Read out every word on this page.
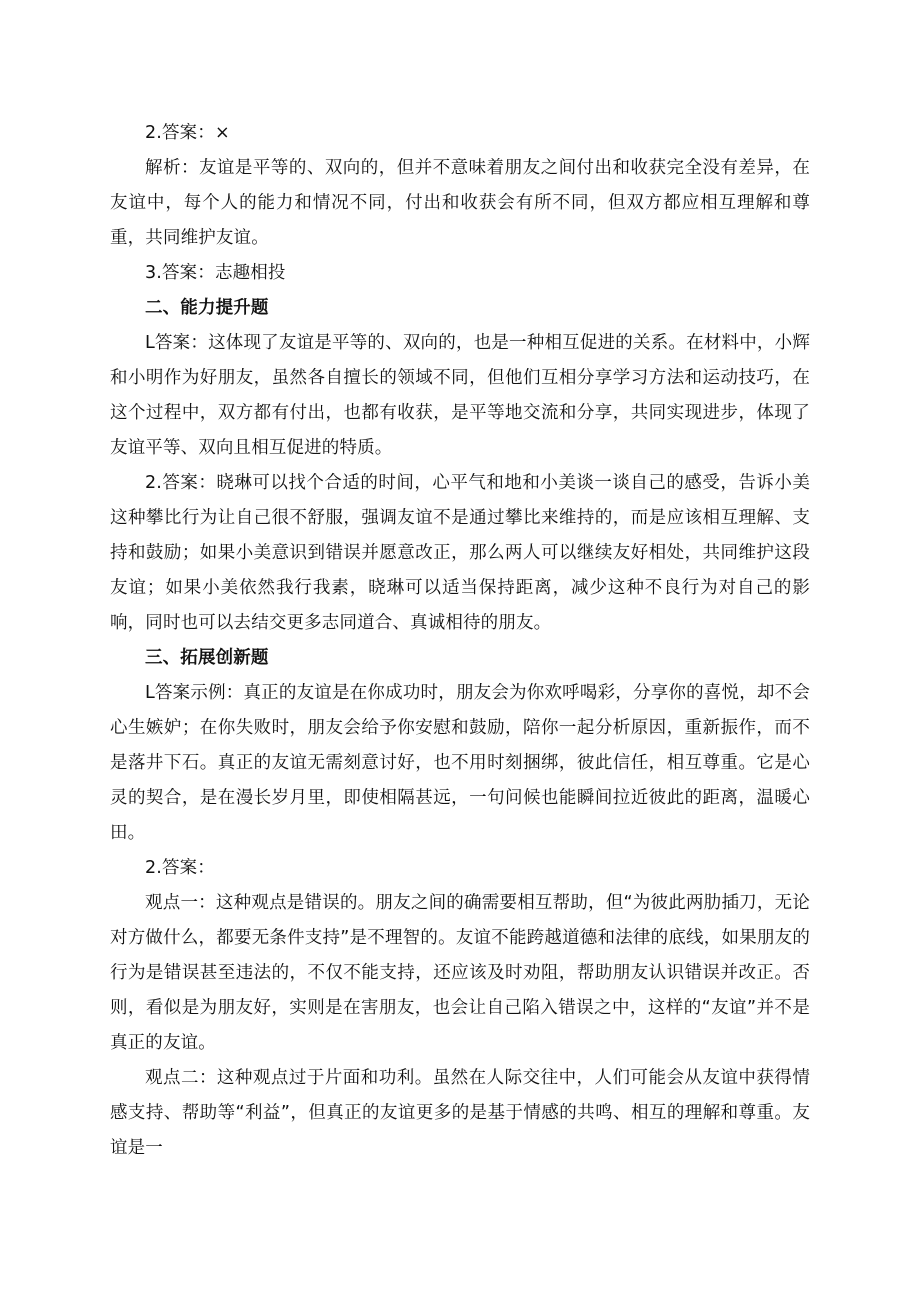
2.答案：×

解析：友谊是平等的、双向的，但并不意味着朋友之间付出和收获完全没有差异，在友谊中，每个人的能力和情况不同，付出和收获会有所不同，但双方都应相互理解和尊重，共同维护友谊。

3.答案：志趣相投

二、能力提升题

L答案：这体现了友谊是平等的、双向的，也是一种相互促进的关系。在材料中，小辉和小明作为好朋友，虽然各自擅长的领域不同，但他们互相分享学习方法和运动技巧，在这个过程中，双方都有付出，也都有收获，是平等地交流和分享，共同实现进步，体现了友谊平等、双向且相互促进的特质。

2.答案：晓琳可以找个合适的时间，心平气和地和小美谈一谈自己的感受，告诉小美这种攀比行为让自己很不舒服，强调友谊不是通过攀比来维持的，而是应该相互理解、支持和鼓励；如果小美意识到错误并愿意改正，那么两人可以继续友好相处，共同维护这段友谊；如果小美依然我行我素，晓琳可以适当保持距离，减少这种不良行为对自己的影响，同时也可以去结交更多志同道合、真诚相待的朋友。

三、拓展创新题

L答案示例：真正的友谊是在你成功时，朋友会为你欢呼喝彩，分享你的喜悦，却不会心生嫉妒；在你失败时，朋友会给予你安慰和鼓励，陪你一起分析原因，重新振作，而不是落井下石。真正的友谊无需刻意讨好，也不用时刻捆绑，彼此信任，相互尊重。它是心灵的契合，是在漫长岁月里，即使相隔甚远，一句问候也能瞬间拉近彼此的距离，温暖心田。

2.答案：

观点一：这种观点是错误的。朋友之间的确需要相互帮助，但“为彼此两肋插刀，无论对方做什么，都要无条件支持”是不理智的。友谊不能跨越道德和法律的底线，如果朋友的行为是错误甚至违法的，不仅不能支持，还应该及时劝阻，帮助朋友认识错误并改正。否则，看似是为朋友好，实则是在害朋友，也会让自己陷入错误之中，这样的“友谊”并不是真正的友谊。

观点二：这种观点过于片面和功利。虽然在人际交往中，人们可能会从友谊中获得情感支持、帮助等“利益”，但真正的友谊更多的是基于情感的共鸣、相互的理解和尊重。友谊是一
